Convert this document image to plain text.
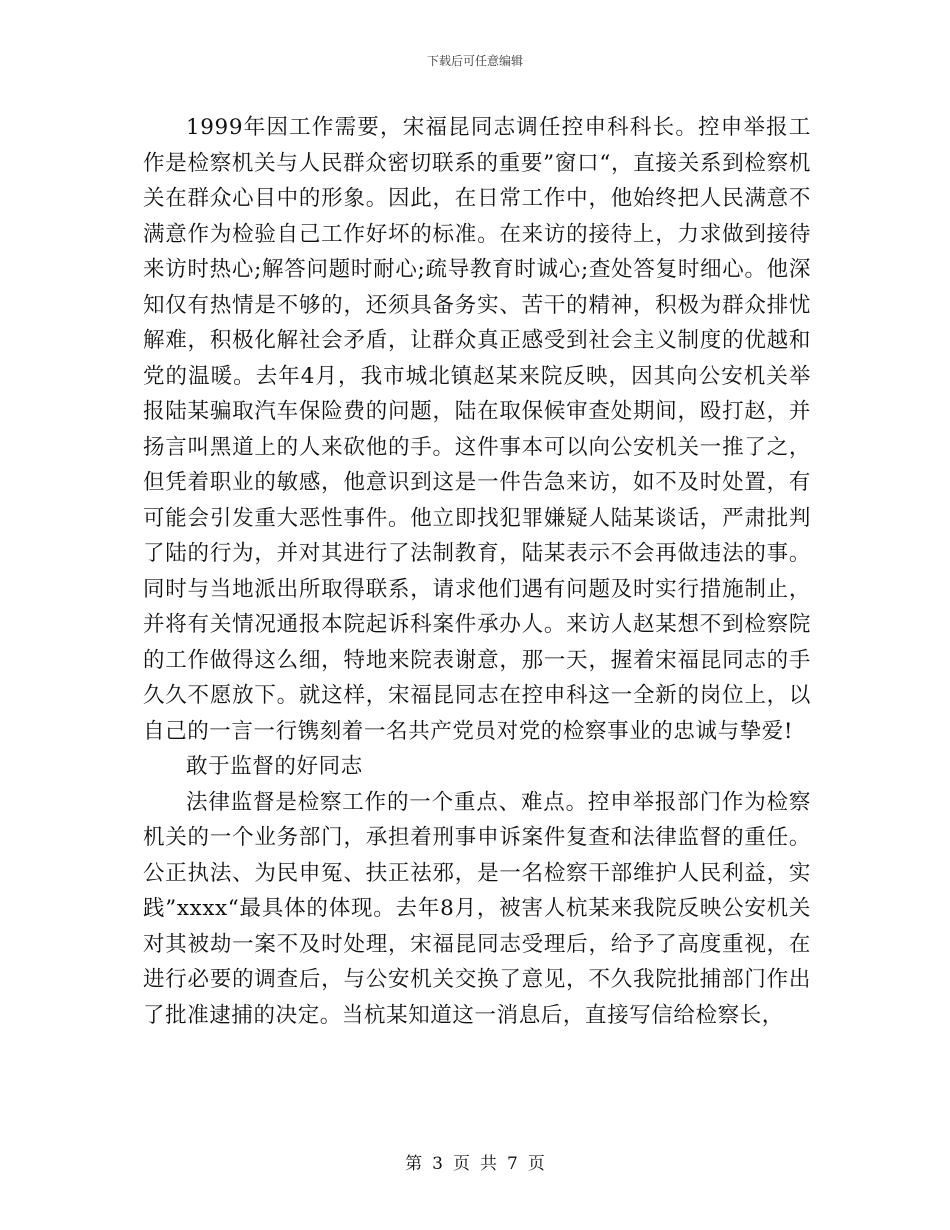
下载后可任意编辑

1999年因工作需要，宋福昆同志调任控申科科长。控申举报工作是检察机关与人民群众密切联系的重要”窗口“，直接关系到检察机关在群众心目中的形象。因此，在日常工作中，他始终把人民满意不满意作为检验自己工作好坏的标准。在来访的接待上，力求做到接待来访时热心;解答问题时耐心;疏导教育时诚心;查处答复时细心。他深知仅有热情是不够的，还须具备务实、苦干的精神，积极为群众排忧解难，积极化解社会矛盾，让群众真正感受到社会主义制度的优越和党的温暖。去年4月，我市城北镇赵某来院反映，因其向公安机关举报陆某骗取汽车保险费的问题，陆在取保候审查处期间，殴打赵，并扬言叫黑道上的人来砍他的手。这件事本可以向公安机关一推了之，但凭着职业的敏感，他意识到这是一件告急来访，如不及时处置，有可能会引发重大恶性事件。他立即找犯罪嫌疑人陆某谈话，严肃批判了陆的行为，并对其进行了法制教育，陆某表示不会再做违法的事。同时与当地派出所取得联系，请求他们遇有问题及时实行措施制止，并将有关情况通报本院起诉科案件承办人。来访人赵某想不到检察院的工作做得这么细，特地来院表谢意，那一天，握着宋福昆同志的手久久不愿放下。就这样，宋福昆同志在控申科这一全新的岗位上，以自己的一言一行镌刻着一名共产党员对党的检察事业的忠诚与挚爱!

敢于监督的好同志

法律监督是检察工作的一个重点、难点。控申举报部门作为检察机关的一个业务部门，承担着刑事申诉案件复查和法律监督的重任。公正执法、为民申冤、扶正祛邪，是一名检察干部维护人民利益，实践”xxxx“最具体的体现。去年8月，被害人杭某来我院反映公安机关对其被劫一案不及时处理，宋福昆同志受理后，给予了高度重视，在进行必要的调查后，与公安机关交换了意见，不久我院批捕部门作出了批准逮捕的决定。当杭某知道这一消息后，直接写信给检察长，

第 3 页 共 7 页
